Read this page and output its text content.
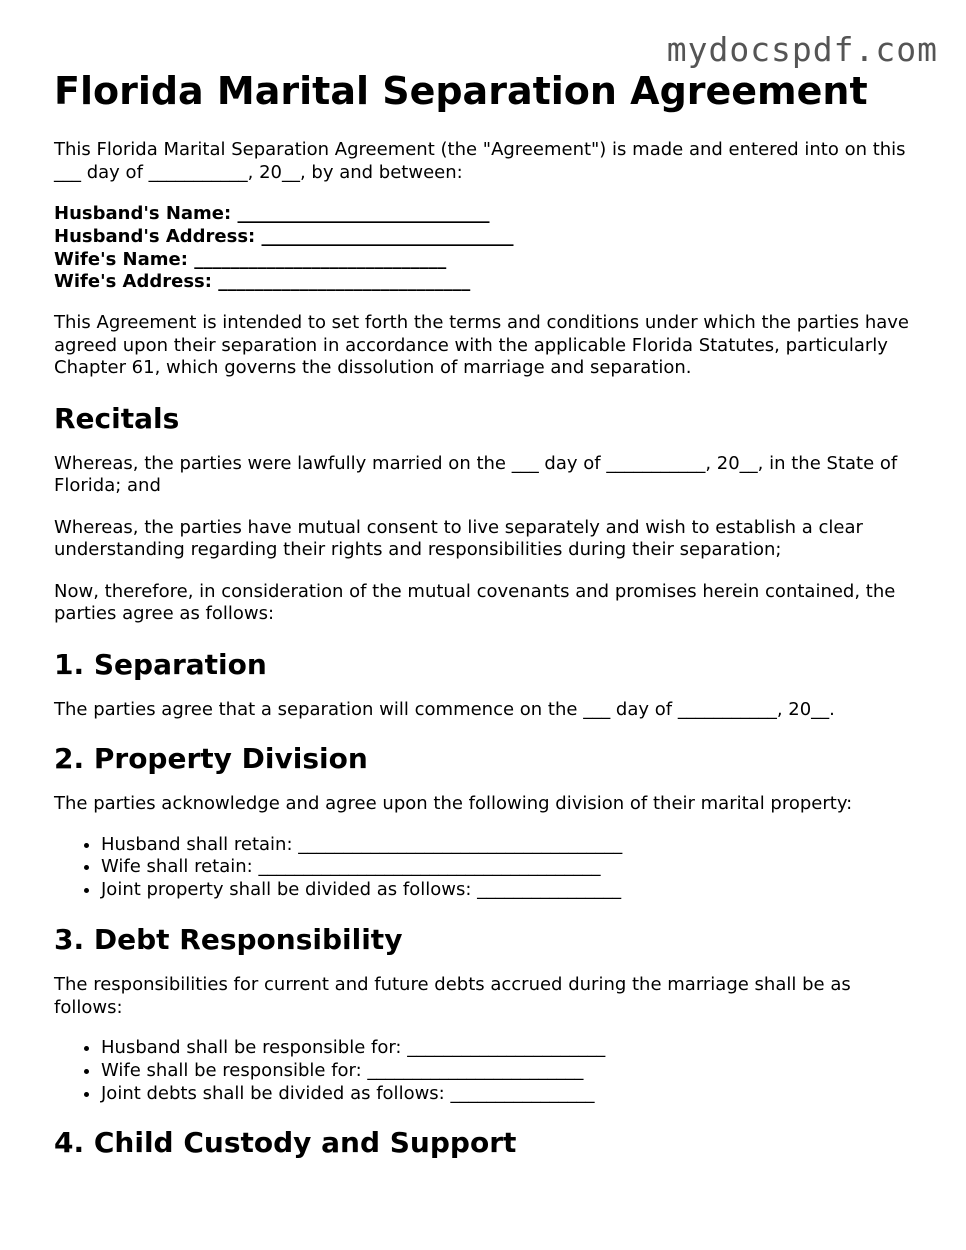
mydocspdf.com
Florida Marital Separation Agreement

This Florida Marital Separation Agreement (the "Agreement") is made and entered into on this ___ day of ___________, 20__, by and between:

Husband's Name: ____________________________
Husband's Address: ____________________________
Wife's Name: ____________________________
Wife's Address: ____________________________

This Agreement is intended to set forth the terms and conditions under which the parties have agreed upon their separation in accordance with the applicable Florida Statutes, particularly Chapter 61, which governs the dissolution of marriage and separation.

Recitals

Whereas, the parties were lawfully married on the ___ day of ___________, 20__, in the State of Florida; and

Whereas, the parties have mutual consent to live separately and wish to establish a clear understanding regarding their rights and responsibilities during their separation;

Now, therefore, in consideration of the mutual covenants and promises herein contained, the parties agree as follows:

1. Separation

The parties agree that a separation will commence on the ___ day of ___________, 20__.

2. Property Division

The parties acknowledge and agree upon the following division of their marital property:

• Husband shall retain: ____________________________________
• Wife shall retain: ______________________________________
• Joint property shall be divided as follows: ________________
3. Debt Responsibility

The responsibilities for current and future debts accrued during the marriage shall be as follows:

• Husband shall be responsible for: ______________________
• Wife shall be responsible for: ________________________
• Joint debts shall be divided as follows: ________________
4. Child Custody and Support
